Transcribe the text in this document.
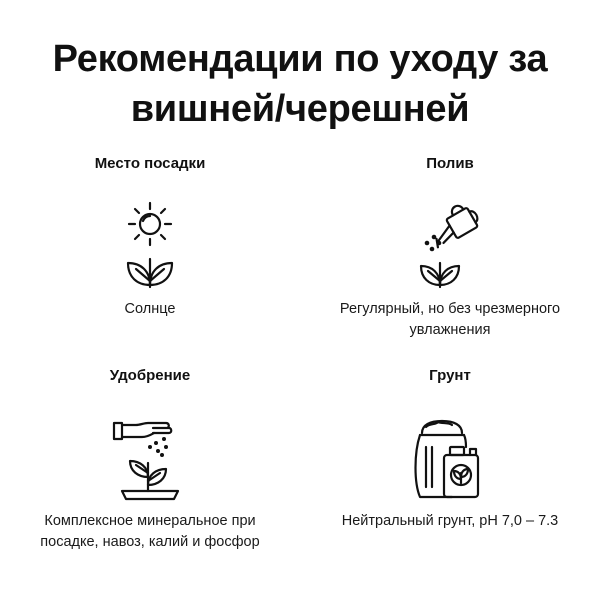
Рекомендации по уходу за
вишней/черешней
Место посадки

Солнце

Полив

Регулярный, но без чрезмерного
увлажнения

Удобрение

Комплексное минеральное при
посадке, навоз, калий и фосфор

Грунт

Нейтральный грунт, pH 7,0 – 7.3
